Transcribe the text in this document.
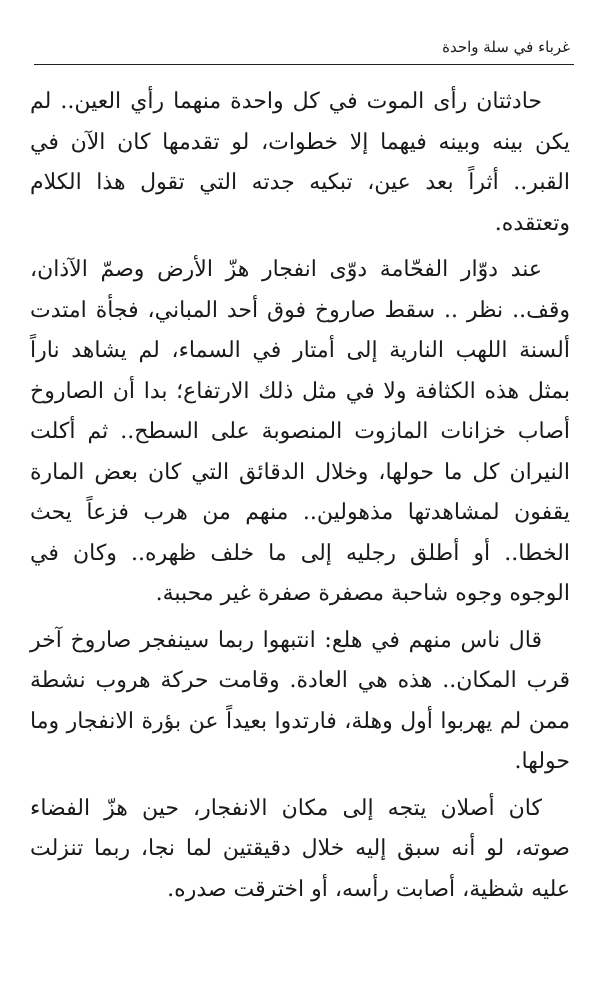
غرباء في سلة واحدة

حادثتان رأى الموت في كل واحدة منهما رأي العين.. لم يكن بينه وبينه فيهما إلا خطوات، لو تقدمها كان الآن في القبر.. أثراً بعد عين، تبكيه جدته التي تقول هذا الكلام وتعتقده.

عند دوّار الفحّامة دوّى انفجار هزّ الأرض وصمّ الآذان، وقف.. نظر .. سقط صاروخ فوق أحد المباني، فجأة امتدت ألسنة اللهب النارية إلى أمتار في السماء، لم يشاهد ناراً بمثل هذه الكثافة ولا في مثل ذلك الارتفاع؛ بدا أن الصاروخ أصاب خزانات المازوت المنصوبة على السطح.. ثم أكلت النيران كل ما حولها، وخلال الدقائق التي كان بعض المارة يقفون لمشاهدتها مذهولين.. منهم من هرب فزعاً يحث الخطا.. أو أطلق رجليه إلى ما خلف ظهره.. وكان في الوجوه وجوه شاحبة مصفرة صفرة غير محببة.

قال ناس منهم في هلع: انتبهوا ربما سينفجر صاروخ آخر قرب المكان.. هذه هي العادة. وقامت حركة هروب نشطة ممن لم يهربوا أول وهلة، فارتدوا بعيداً عن بؤرة الانفجار وما حولها.

كان أصلان يتجه إلى مكان الانفجار، حين هزّ الفضاء صوته، لو أنه سبق إليه خلال دقيقتين لما نجا، ربما تنزلت عليه شظية، أصابت رأسه، أو اخترقت صدره.
